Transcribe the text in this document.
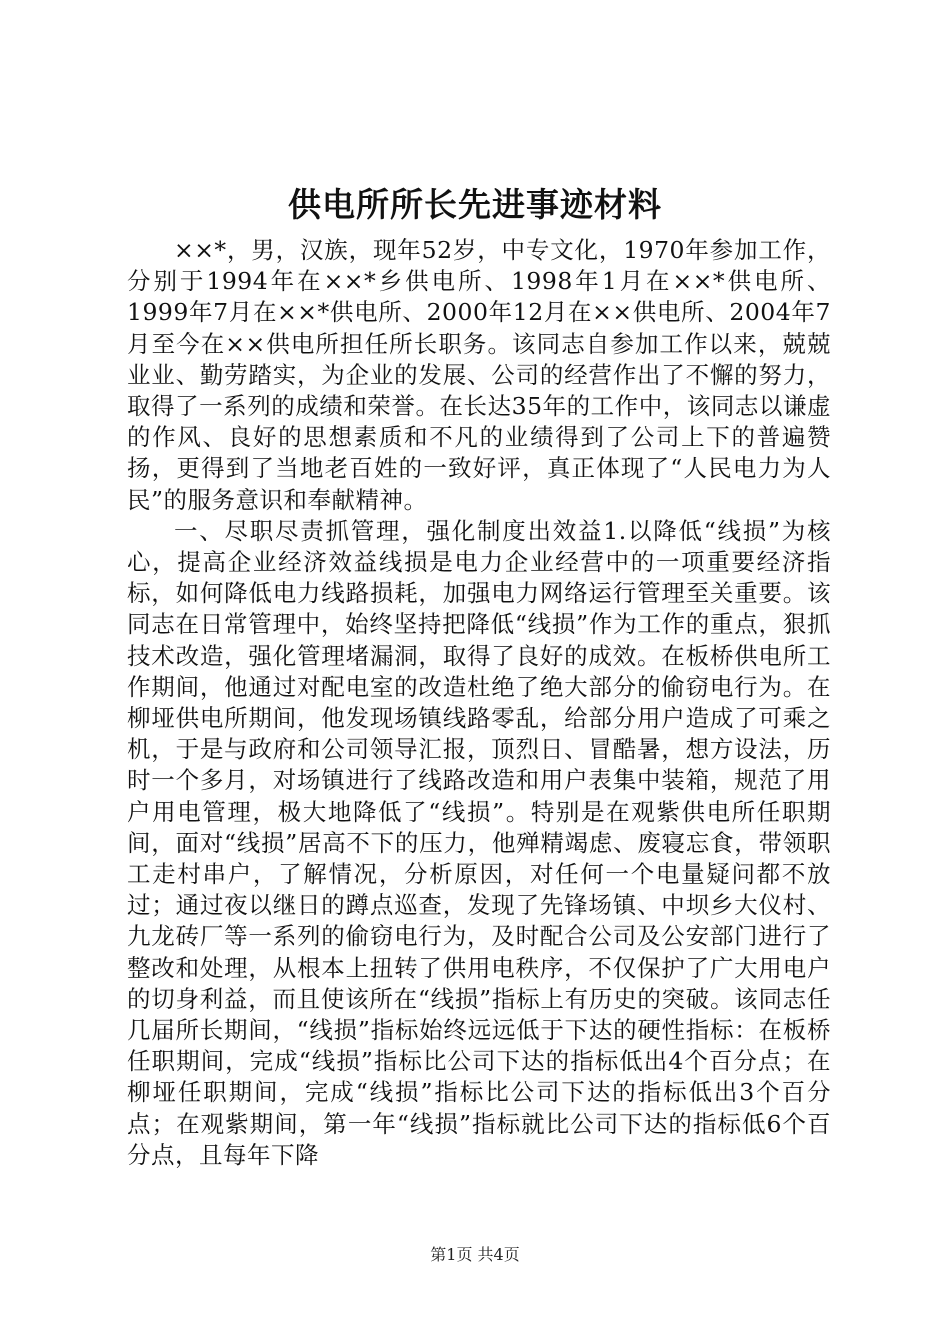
供电所所长先进事迹材料

××*，男，汉族，现年52岁，中专文化，1970年参加工作，分别于1994年在××*乡供电所、1998年1月在××*供电所、1999年7月在××*供电所、2000年12月在××供电所、2004年7月至今在××供电所担任所长职务。该同志自参加工作以来，兢兢业业、勤劳踏实，为企业的发展、公司的经营作出了不懈的努力，取得了一系列的成绩和荣誉。在长达35年的工作中，该同志以谦虚的作风、良好的思想素质和不凡的业绩得到了公司上下的普遍赞扬，更得到了当地老百姓的一致好评，真正体现了“人民电力为人民”的服务意识和奉献精神。

一、尽职尽责抓管理，强化制度出效益1.以降低“线损”为核心，提高企业经济效益线损是电力企业经营中的一项重要经济指标，如何降低电力线路损耗，加强电力网络运行管理至关重要。该同志在日常管理中，始终坚持把降低“线损”作为工作的重点，狠抓技术改造，强化管理堵漏洞，取得了良好的成效。在板桥供电所工作期间，他通过对配电室的改造杜绝了绝大部分的偷窃电行为。在柳垭供电所期间，他发现场镇线路零乱，给部分用户造成了可乘之机，于是与政府和公司领导汇报，顶烈日、冒酷暑，想方设法，历时一个多月，对场镇进行了线路改造和用户表集中装箱，规范了用户用电管理，极大地降低了“线损”。特别是在观紫供电所任职期间，面对“线损”居高不下的压力，他殚精竭虑、废寝忘食，带领职工走村串户，了解情况，分析原因，对任何一个电量疑问都不放过；通过夜以继日的蹲点巡查，发现了先锋场镇、中坝乡大仪村、九龙砖厂等一系列的偷窃电行为，及时配合公司及公安部门进行了整改和处理，从根本上扭转了供用电秩序，不仅保护了广大用电户的切身利益，而且使该所在“线损”指标上有历史的突破。该同志任几届所长期间，“线损”指标始终远远低于下达的硬性指标：在板桥任职期间，完成“线损”指标比公司下达的指标低出4个百分点；在柳垭任职期间，完成“线损”指标比公司下达的指标低出3个百分点；在观紫期间，第一年“线损”指标就比公司下达的指标低6个百分点，且每年下降

第1页 共4页
